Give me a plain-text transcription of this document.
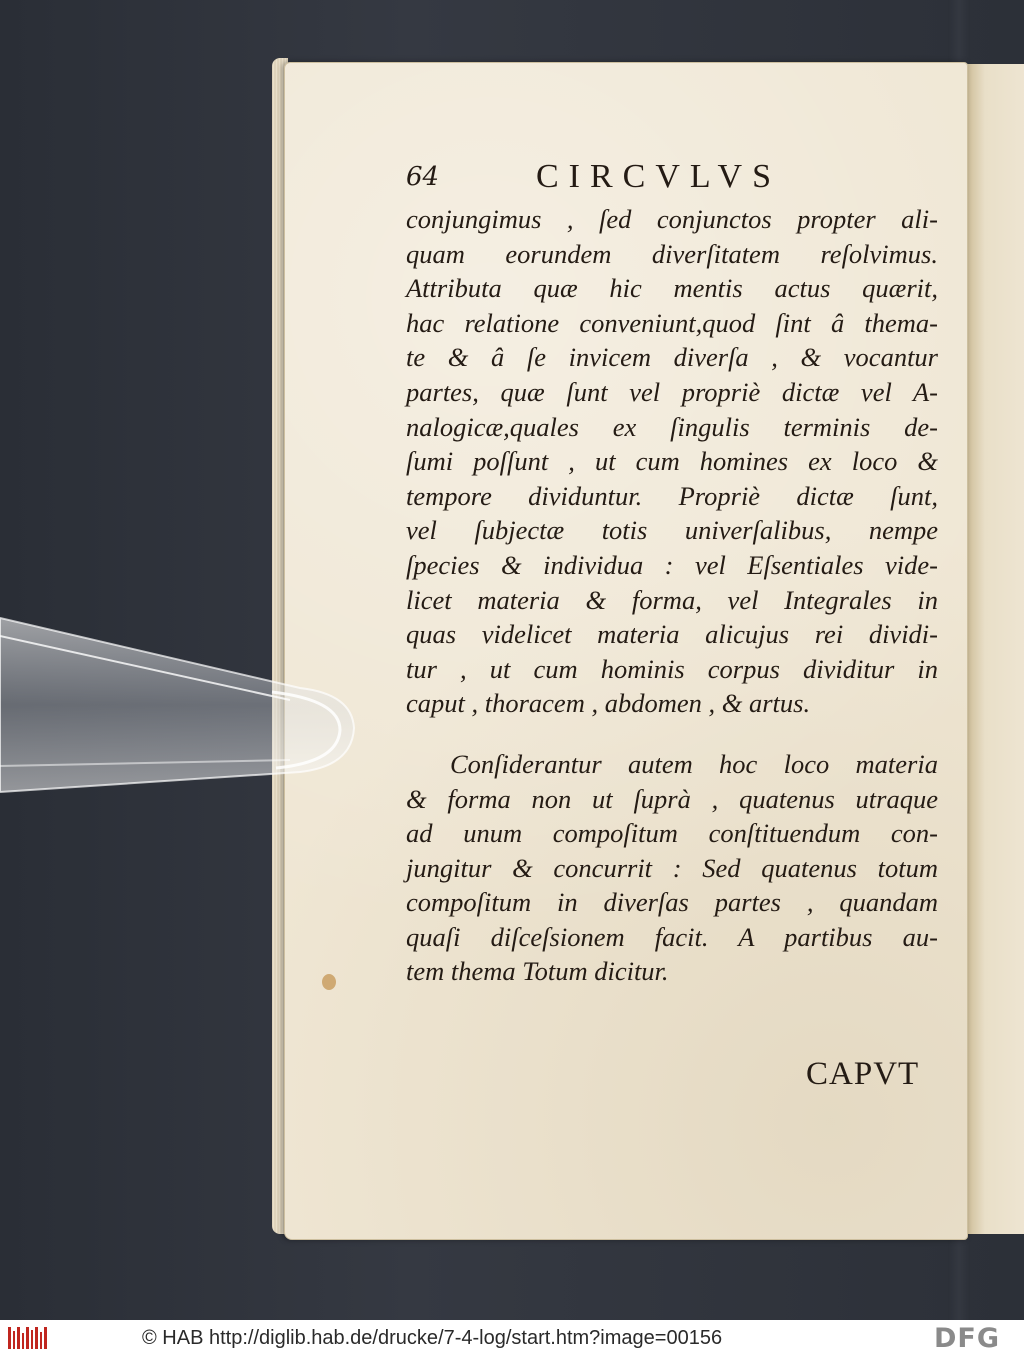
64	CIRCVLVS
conjungimus , ſed conjunctos propter ali-
quam eorundem diverſitatem reſolvimus.
Attributa quæ hic mentis actus quærit,
hac relatione conveniunt,quod ſint â thema-
te & â ſe invicem diverſa , & vocantur
partes, quæ ſunt vel propriè dictæ vel A-
nalogicæ,quales ex ſingulis terminis de-
ſumi poſſunt , ut cum homines ex loco &
tempore dividuntur. Propriè dictæ ſunt,
vel ſubjectæ totis univerſalibus, nempe
ſpecies & individua : vel Eſsentiales vide-
licet materia & forma, vel Integrales in
quas videlicet materia alicujus rei dividi-
tur , ut cum hominis corpus dividitur in
caput , thoracem , abdomen , & artus.
Conſiderantur autem hoc loco materia
& forma non ut ſuprà , quatenus utraque
ad unum compoſitum conſtituendum con-
jungitur & concurrit : Sed quatenus totum
compoſitum in diverſas partes , quandam
quaſi diſceſsionem facit. A partibus au-
tem thema Totum dicitur.
CAPVT
© HAB http://diglib.hab.de/drucke/7-4-log/start.htm?image=00156	DFG
